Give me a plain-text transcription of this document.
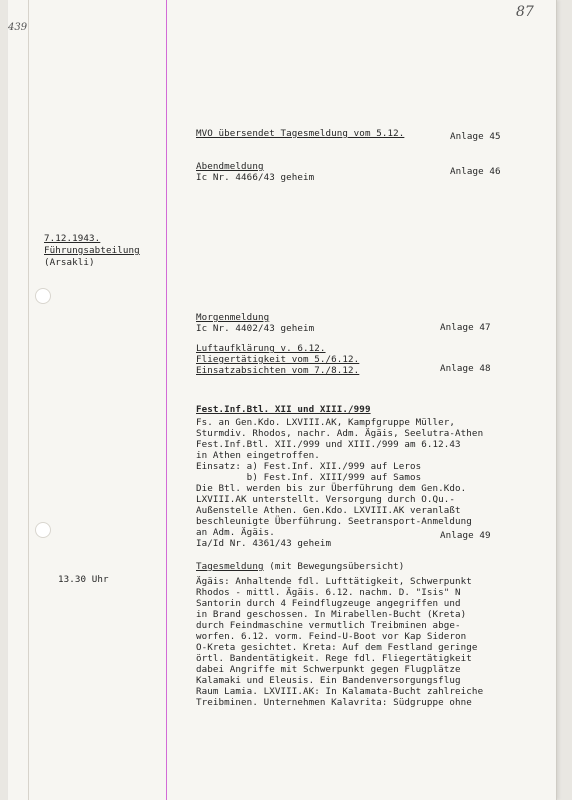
439
87
7.12.1943.
Führungsabteilung
(Arsakli)
13.30 Uhr
MVO übersendet Tagesmeldung vom 5.12.	Anlage 45
Abendmeldung
Ic Nr. 4466/43 geheim
Anlage 46
Morgenmeldung
Ic Nr. 4402/43 geheim	Anlage 47
Luftaufklärung v. 6.12.
Fliegertätigkeit vom 5./6.12.
Einsatzabsichten vom 7./8.12.	Anlage 48
Fest.Inf.Btl. XII und XIII./999
Fs. an Gen.Kdo. LXVIII.AK, Kampfgruppe Müller,
Sturmdiv. Rhodos, nachr. Adm. Ägäis, Seelutra-Athen
Fest.Inf.Btl. XII./999 und XIII./999 am 6.12.43
in Athen eingetroffen.
Einsatz: a) Fest.Inf. XII./999 auf Leros
b) Fest.Inf. XIII/999 auf Samos
Die Btl. werden bis zur Überführung dem Gen.Kdo.
LXVIII.AK unterstellt. Versorgung durch O.Qu.-
Außenstelle Athen. Gen.Kdo. LXVIII.AK veranlaßt
beschleunigte Überführung. Seetransport-Anmeldung
an Adm. Ägäis.
Ia/Id Nr. 4361/43 geheim
Anlage 49
Tagesmeldung (mit Bewegungsübersicht)
Ägäis: Anhaltende fdl. Lufttätigkeit, Schwerpunkt
Rhodos - mittl. Ägäis. 6.12. nachm. D. "Isis" N
Santorin durch 4 Feindflugzeuge angegriffen und
in Brand geschossen. In Mirabellen-Bucht (Kreta)
durch Feindmaschine vermutlich Treibminen abge-
worfen. 6.12. vorm. Feind-U-Boot vor Kap Sideron
O-Kreta gesichtet. Kreta: Auf dem Festland geringe
örtl. Bandentätigkeit. Rege fdl. Fliegertätigkeit
dabei Angriffe mit Schwerpunkt gegen Flugplätze
Kalamaki und Eleusis. Ein Bandenversorgungsflug
Raum Lamia. LXVIII.AK: In Kalamata-Bucht zahlreiche
Treibminen. Unternehmen Kalavrita: Südgruppe ohne
